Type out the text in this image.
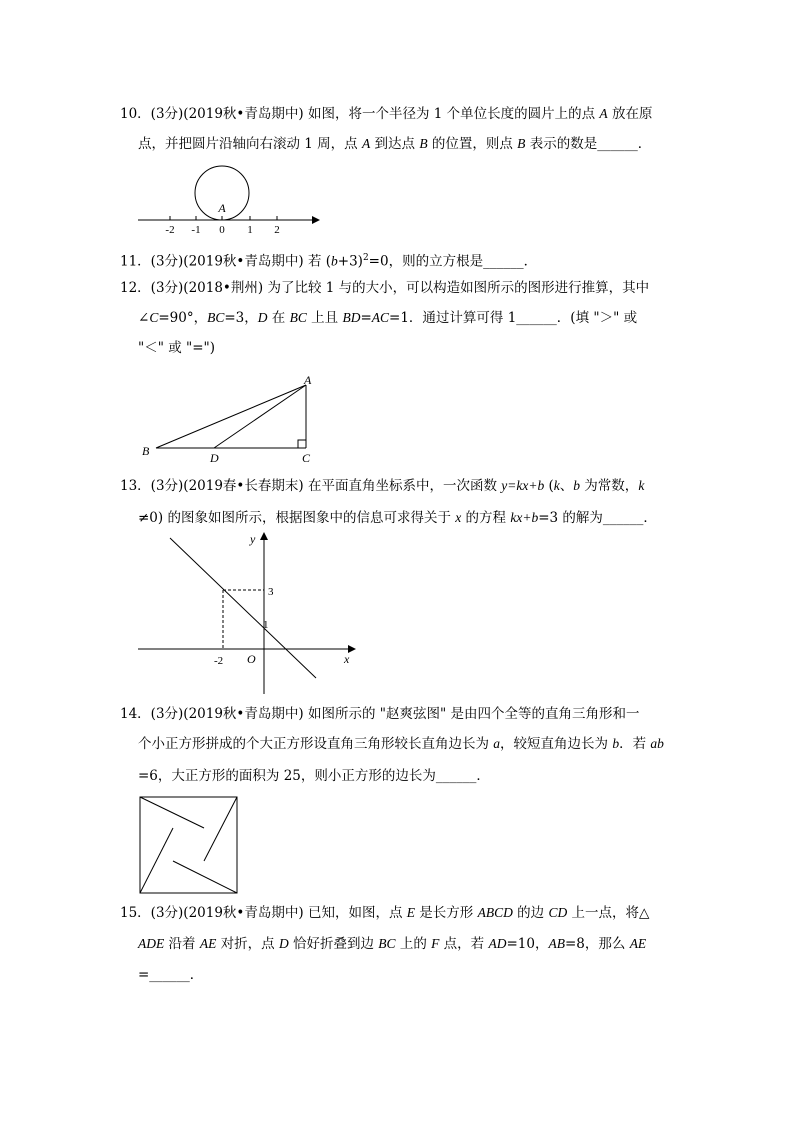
10．(3分)(2019秋•青岛期中) 如图，将一个半径为 1 个单位长度的圆片上的点 A 放在原
点，并把圆片沿轴向右滚动 1 周，点 A 到达点 B 的位置，则点 B 表示的数是______．
A
-2 -1 0 1 2
11．(3分)(2019秋•青岛期中) 若 $(b+3)^2=0$，则的立方根是______．
12．(3分)(2018•荆州) 为了比较 1 与的大小，可以构造如图所示的图形进行推算，其中
∠C=90°，BC=3，D 在 BC 上且 BD=AC=1．通过计算可得 1______．(填 "＞" 或
"＜" 或 "=")
A
B	C
D
13．(3分)(2019春•长春期末) 在平面直角坐标系中，一次函数 y=kx+b (k、b 为常数，k
≠0) 的图象如图所示，根据图象中的信息可求得关于 x 的方程 kx+b=3 的解为______．
y
x
O
3
1
-2
14．(3分)(2019秋•青岛期中) 如图所示的 "赵爽弦图" 是由四个全等的直角三角形和一
个小正方形拼成的个大正方形设直角三角形较长直角边长为 a，较短直角边长为 b．若 ab
=6，大正方形的面积为 25，则小正方形的边长为______．
15．(3分)(2019秋•青岛期中) 已知，如图，点 E 是长方形 ABCD 的边 CD 上一点，将△
ADE 沿着 AE 对折，点 D 恰好折叠到边 BC 上的 F 点，若 AD=10，AB=8，那么 AE
=______．
